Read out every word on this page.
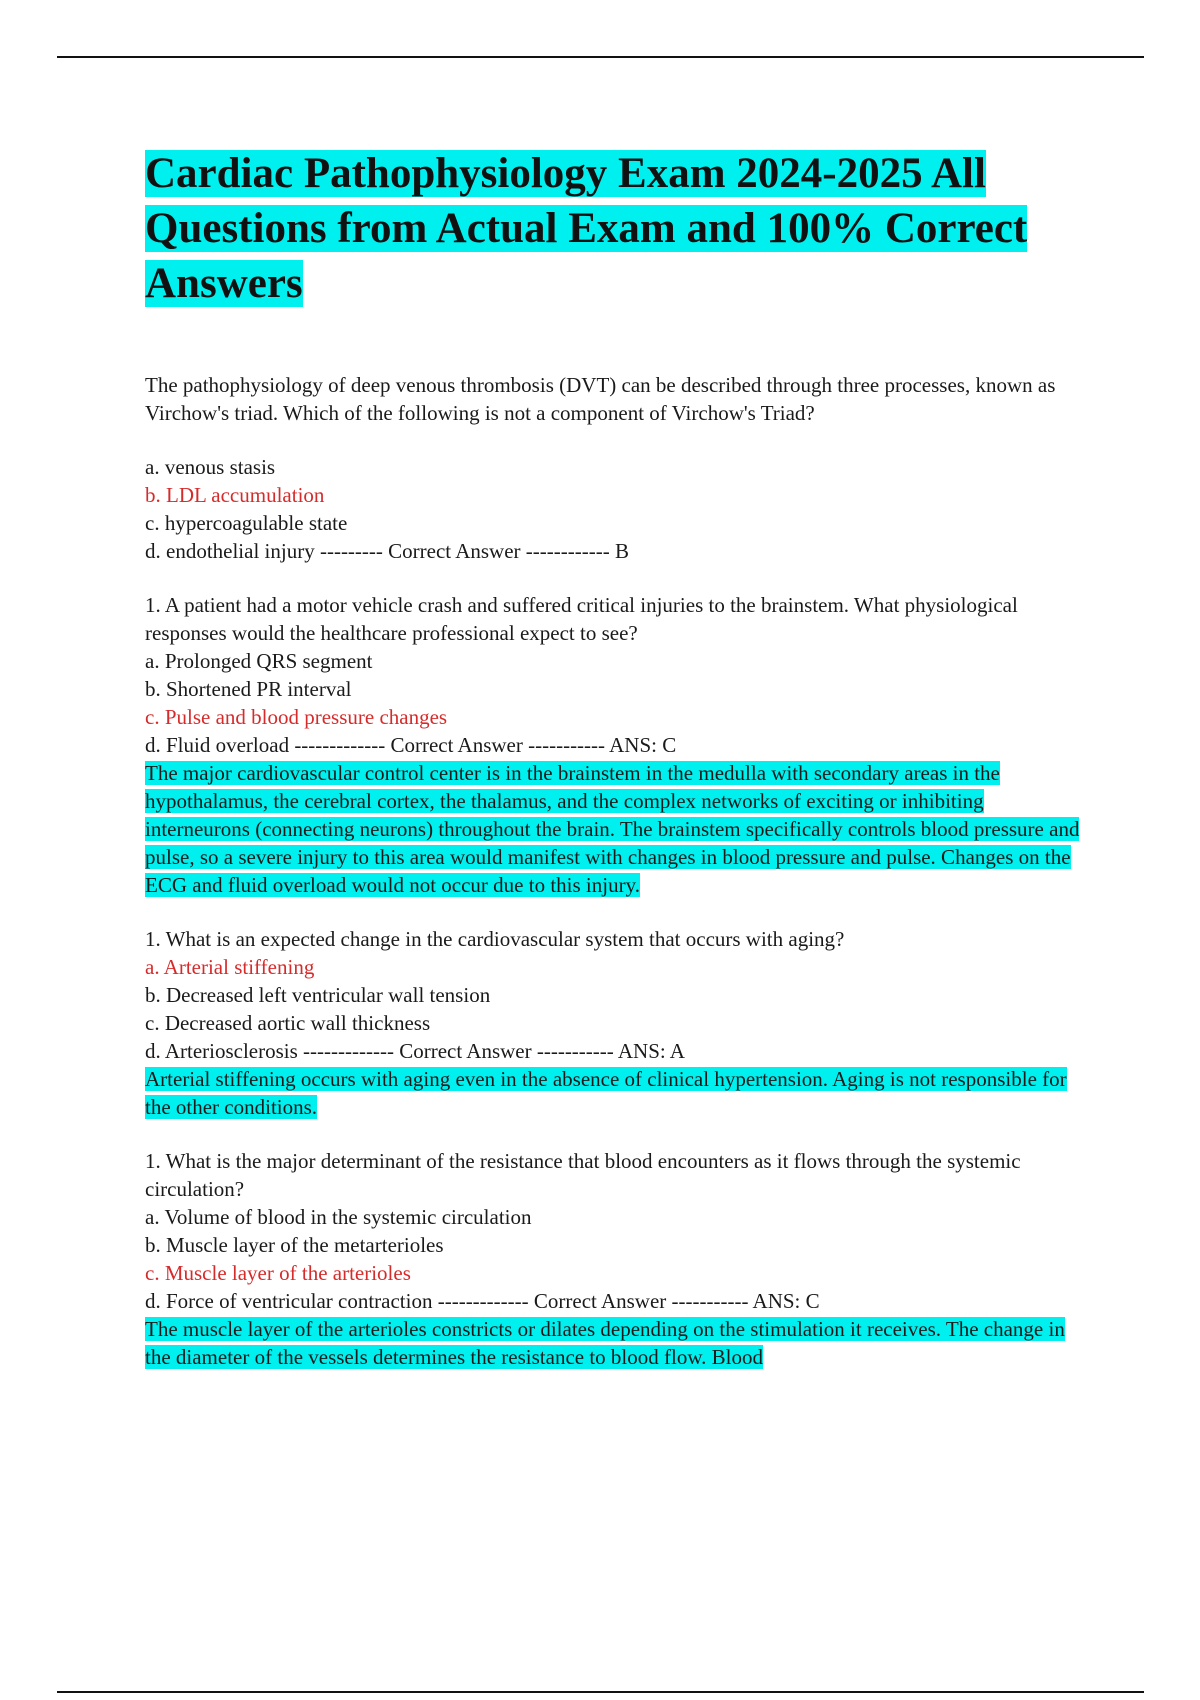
Cardiac Pathophysiology Exam 2024-2025 All Questions from Actual Exam and 100% Correct Answers
The pathophysiology of deep venous thrombosis (DVT) can be described through three processes, known as Virchow's triad. Which of the following is not a component of Virchow's Triad?
a. venous stasis
b. LDL accumulation
c. hypercoagulable state
d. endothelial injury --------- Correct Answer ------------ B
1. A patient had a motor vehicle crash and suffered critical injuries to the brainstem. What physiological responses would the healthcare professional expect to see?
a. Prolonged QRS segment
b. Shortened PR interval
c. Pulse and blood pressure changes
d. Fluid overload ------------- Correct Answer ----------- ANS: C
The major cardiovascular control center is in the brainstem in the medulla with secondary areas in the hypothalamus, the cerebral cortex, the thalamus, and the complex networks of exciting or inhibiting interneurons (connecting neurons) throughout the brain. The brainstem specifically controls blood pressure and pulse, so a severe injury to this area would manifest with changes in blood pressure and pulse. Changes on the ECG and fluid overload would not occur due to this injury.
1. What is an expected change in the cardiovascular system that occurs with aging?
a. Arterial stiffening
b. Decreased left ventricular wall tension
c. Decreased aortic wall thickness
d. Arteriosclerosis ------------- Correct Answer ----------- ANS: A
Arterial stiffening occurs with aging even in the absence of clinical hypertension. Aging is not responsible for the other conditions.
1. What is the major determinant of the resistance that blood encounters as it flows through the systemic circulation?
a. Volume of blood in the systemic circulation
b. Muscle layer of the metarterioles
c. Muscle layer of the arterioles
d. Force of ventricular contraction ------------- Correct Answer ----------- ANS: C
The muscle layer of the arterioles constricts or dilates depending on the stimulation it receives. The change in the diameter of the vessels determines the resistance to blood flow. Blood
